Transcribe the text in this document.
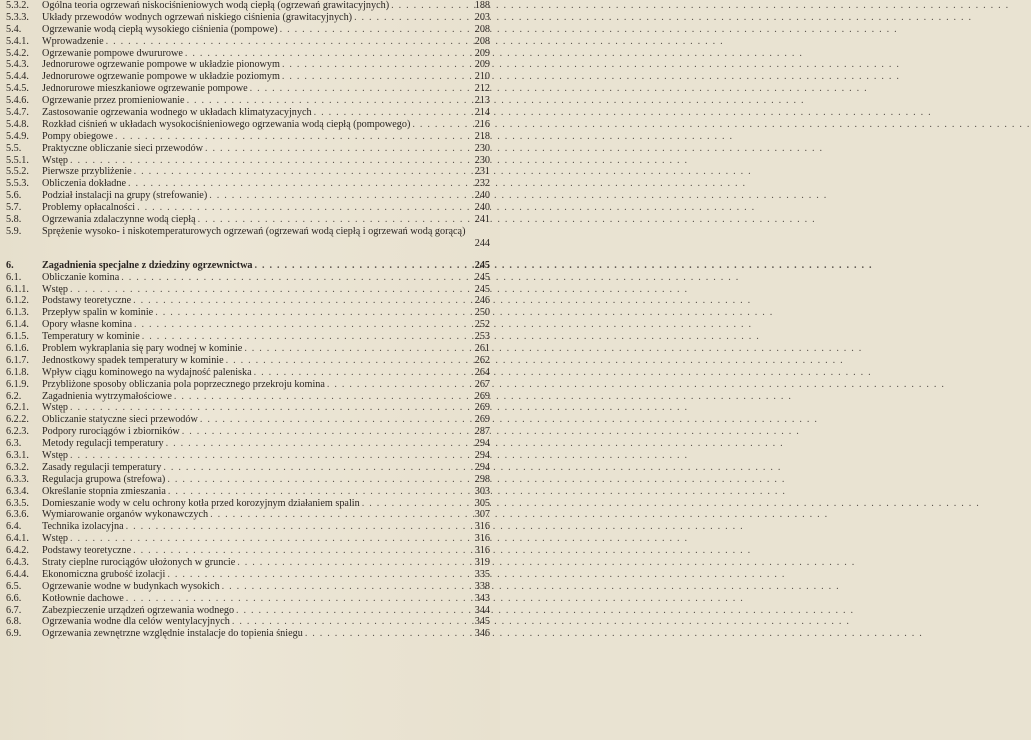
5.3.2.	Ogólna teoria ogrzewań niskociśnieniowych wodą ciepłą (ogrzewań grawitacyjnych) . . .	188
5.3.3.	Układy przewodów wodnych ogrzewań niskiego ciśnienia (grawitacyjnych) . . .	203
5.4.	Ogrzewanie wodą ciepłą wysokiego ciśnienia (pompowe) . . .	208
5.4.1.	Wprowadzenie . . .	208
5.4.2.	Ogrzewanie pompowe dwururowe . . .	209
5.4.3.	Jednorurowe ogrzewanie pompowe w układzie pionowym . . .	209
5.4.4.	Jednorurowe ogrzewanie pompowe w układzie poziomym . . .	210
5.4.5.	Jednorurowe mieszkaniowe ogrzewanie pompowe . . .	212
5.4.6.	Ogrzewanie przez promieniowanie . . .	213
5.4.7.	Zastosowanie ogrzewania wodnego w układach klimatyzacyjnych . . .	214
5.4.8.	Rozkład ciśnień w układach wysokociśnieniowego ogrzewania wodą ciepłą (pompowego) . . .	216
5.4.9.	Pompy obiegowe . . .	218
5.5.	Praktyczne obliczanie sieci przewodów . . .	230
5.5.1.	Wstęp . . .	230
5.5.2.	Pierwsze przybliżenie . . .	231
5.5.3.	Obliczenia dokładne . . .	232
5.6.	Podział instalacji na grupy (strefowanie) . . .	240
5.7.	Problemy opłacalności . . .	240
5.8.	Ogrzewania zdalaczynne wodą ciepłą . . .	241
5.9.	Sprężenie wysoko- i niskotemperaturowych ogrzewań (ogrzewań wodą ciepłą i ogrzewań wodą gorącą)
244
6.	Zagadnienia specjalne z dziedziny ogrzewnictwa . . .	245
6.1.	Obliczanie komina . . .	245
6.1.1.	Wstęp . . .	245
6.1.2.	Podstawy teoretyczne . . .	246
6.1.3.	Przepływ spalin w kominie . . .	250
6.1.4.	Opory własne komina . . .	252
6.1.5.	Temperatury w kominie . . .	253
6.1.6.	Problem wykraplania się pary wodnej w kominie . . .	261
6.1.7.	Jednostkowy spadek temperatury w kominie . . .	262
6.1.8.	Wpływ ciągu kominowego na wydajność paleniska . . .	264
6.1.9.	Przybliżone sposoby obliczania pola poprzecznego przekroju komina . . .	267
6.2.	Zagadnienia wytrzymałościowe . . .	269
6.2.1.	Wstęp . . .	269
6.2.2.	Obliczanie statyczne sieci przewodów . . .	269
6.2.3.	Podpory rurociągów i zbiorników . . .	287
6.3.	Metody regulacji temperatury . . .	294
6.3.1.	Wstęp . . .	294
6.3.2.	Zasady regulacji temperatury . . .	294
6.3.3.	Regulacja grupowa (strefowa) . . .	298
6.3.4.	Określanie stopnia zmieszania . . .	303
6.3.5.	Domieszanie wody w celu ochrony kotła przed korozyjnym działaniem spalin . . .	305
6.3.6.	Wymiarowanie organów wykonawczych . . .	307
6.4.	Technika izolacyjna . . .	316
6.4.1.	Wstęp . . .	316
6.4.2.	Podstawy teoretyczne . . .	316
6.4.3.	Straty cieplne rurociągów ułożonych w gruncie . . .	319
6.4.4.	Ekonomiczna grubość izolacji . . .	335
6.5.	Ogrzewanie wodne w budynkach wysokich . . .	338
6.6.	Kotłownie dachowe . . .	343
6.7.	Zabezpieczenie urządzeń ogrzewania wodnego . . .	344
6.8.	Ogrzewania wodne dla celów wentylacyjnych . . .	345
6.9.	Ogrzewania zewnętrzne względnie instalacje do topienia śniegu . . .	346
